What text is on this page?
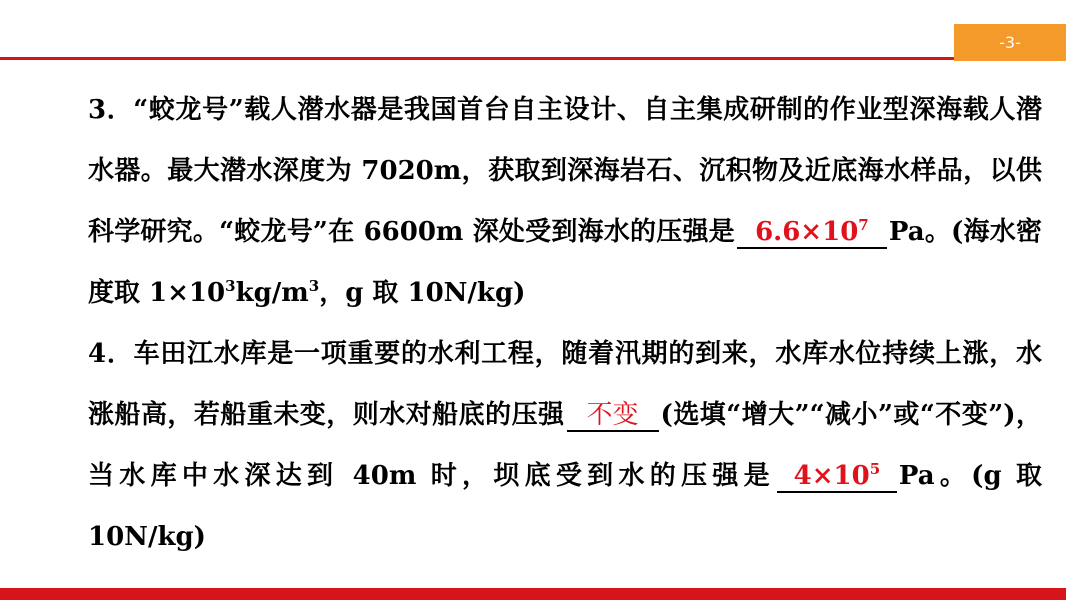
-3-

3．“蛟龙号”载人潜水器是我国首台自主设计、自主集成研制的作业型深海载人潜水器。最大潜水深度为 7020m，获取到深海岩石、沉积物及近底海水样品，以供科学研究。“蛟龙号”在 6600m 深处受到海水的压强是 $6.6\times 10^7$ Pa。(海水密度取 $1\times 10^3kg/m^3$，g 取 10N/kg)

4．车田江水库是一项重要的水利工程，随着汛期的到来，水库水位持续上涨，水涨船高，若船重未变，则水对船底的压强 不变 (选填“增大”“减小”或“不变”)，当水库中水深达到 40m 时，坝底受到水的压强是 $4\times 10^5$ Pa。(g 取 10N/kg)
